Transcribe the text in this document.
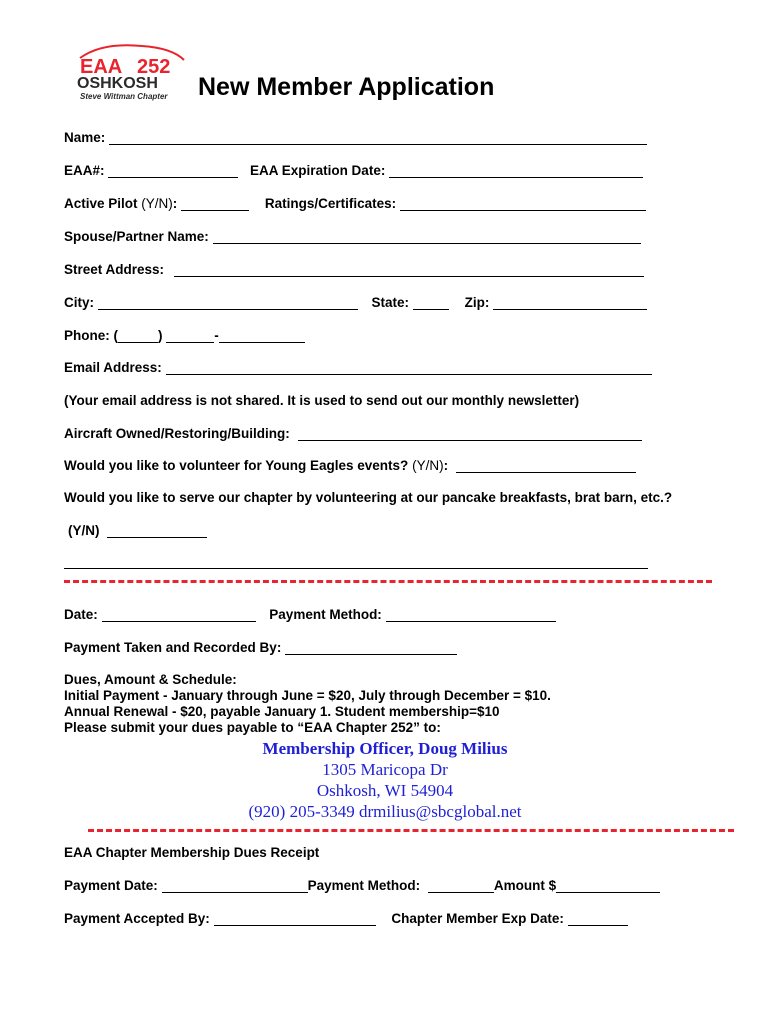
EAA 252
OSHKOSH
Steve Wittman Chapter New Member Application
Name:
EAA#:	EAA Expiration Date:
Active Pilot (Y/N):	Ratings/Certificates:
Spouse/Partner Name:
Street Address:
City:	State:	Zip:
Phone: (	)	-
Email Address:
(Your email address is not shared. It is used to send out our monthly newsletter)
Aircraft Owned/Restoring/Building:
Would you like to volunteer for Young Eagles events? (Y/N):
Would you like to serve our chapter by volunteering at our pancake breakfasts, brat barn, etc.?
(Y/N)
Date:	Payment Method:
Payment Taken and Recorded By:
Dues, Amount & Schedule:
Initial Payment - January through June = $20, July through December = $10.
Annual Renewal - $20, payable January 1. Student membership=$10
Please submit your dues payable to “EAA Chapter 252” to:
Membership Officer, Doug Milius
1305 Maricopa Dr
Oshkosh, WI 54904
(920) 205-3349 drmilius@sbcglobal.net
EAA Chapter Membership Dues Receipt
Payment Date:	Payment Method:	Amount $
Payment Accepted By:	Chapter Member Exp Date:
